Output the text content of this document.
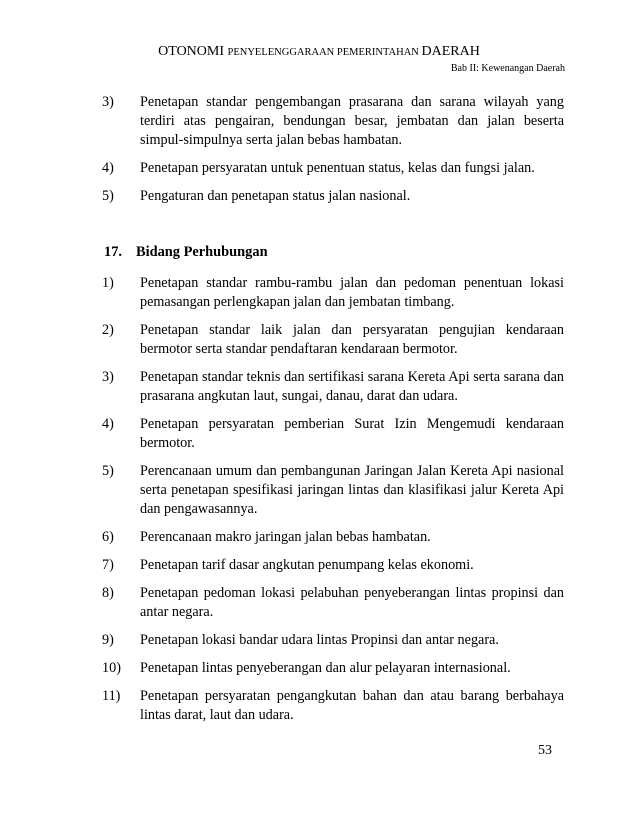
OTONOMI PENYELENGGARAAN PEMERINTAHAN DAERAH
Bab II: Kewenangan Daerah
3) Penetapan standar pengembangan prasarana dan sarana wilayah yang terdiri atas pengairan, bendungan besar, jembatan dan jalan beserta simpul-simpulnya serta jalan bebas hambatan.
4) Penetapan persyaratan untuk penentuan status, kelas dan fungsi jalan.
5) Pengaturan dan penetapan status jalan nasional.
17. Bidang Perhubungan
1) Penetapan standar rambu-rambu jalan dan pedoman penentuan lokasi pemasangan perlengkapan jalan dan jembatan timbang.
2) Penetapan standar laik jalan dan persyaratan pengujian kendaraan bermotor serta standar pendaftaran kendaraan bermotor.
3) Penetapan standar teknis dan sertifikasi sarana Kereta Api serta sarana dan prasarana angkutan laut, sungai, danau, darat dan udara.
4) Penetapan persyaratan pemberian Surat Izin Mengemudi kendaraan bermotor.
5) Perencanaan umum dan pembangunan Jaringan Jalan Kereta Api nasional serta penetapan spesifikasi jaringan lintas dan klasifikasi jalur Kereta Api dan pengawasannya.
6) Perencanaan makro jaringan jalan bebas hambatan.
7) Penetapan tarif dasar angkutan penumpang kelas ekonomi.
8) Penetapan pedoman lokasi pelabuhan penyeberangan lintas propinsi dan antar negara.
9) Penetapan lokasi bandar udara lintas Propinsi dan antar negara.
10) Penetapan lintas penyeberangan dan alur pelayaran internasional.
11) Penetapan persyaratan pengangkutan bahan dan atau barang berbahaya lintas darat, laut dan udara.
53
